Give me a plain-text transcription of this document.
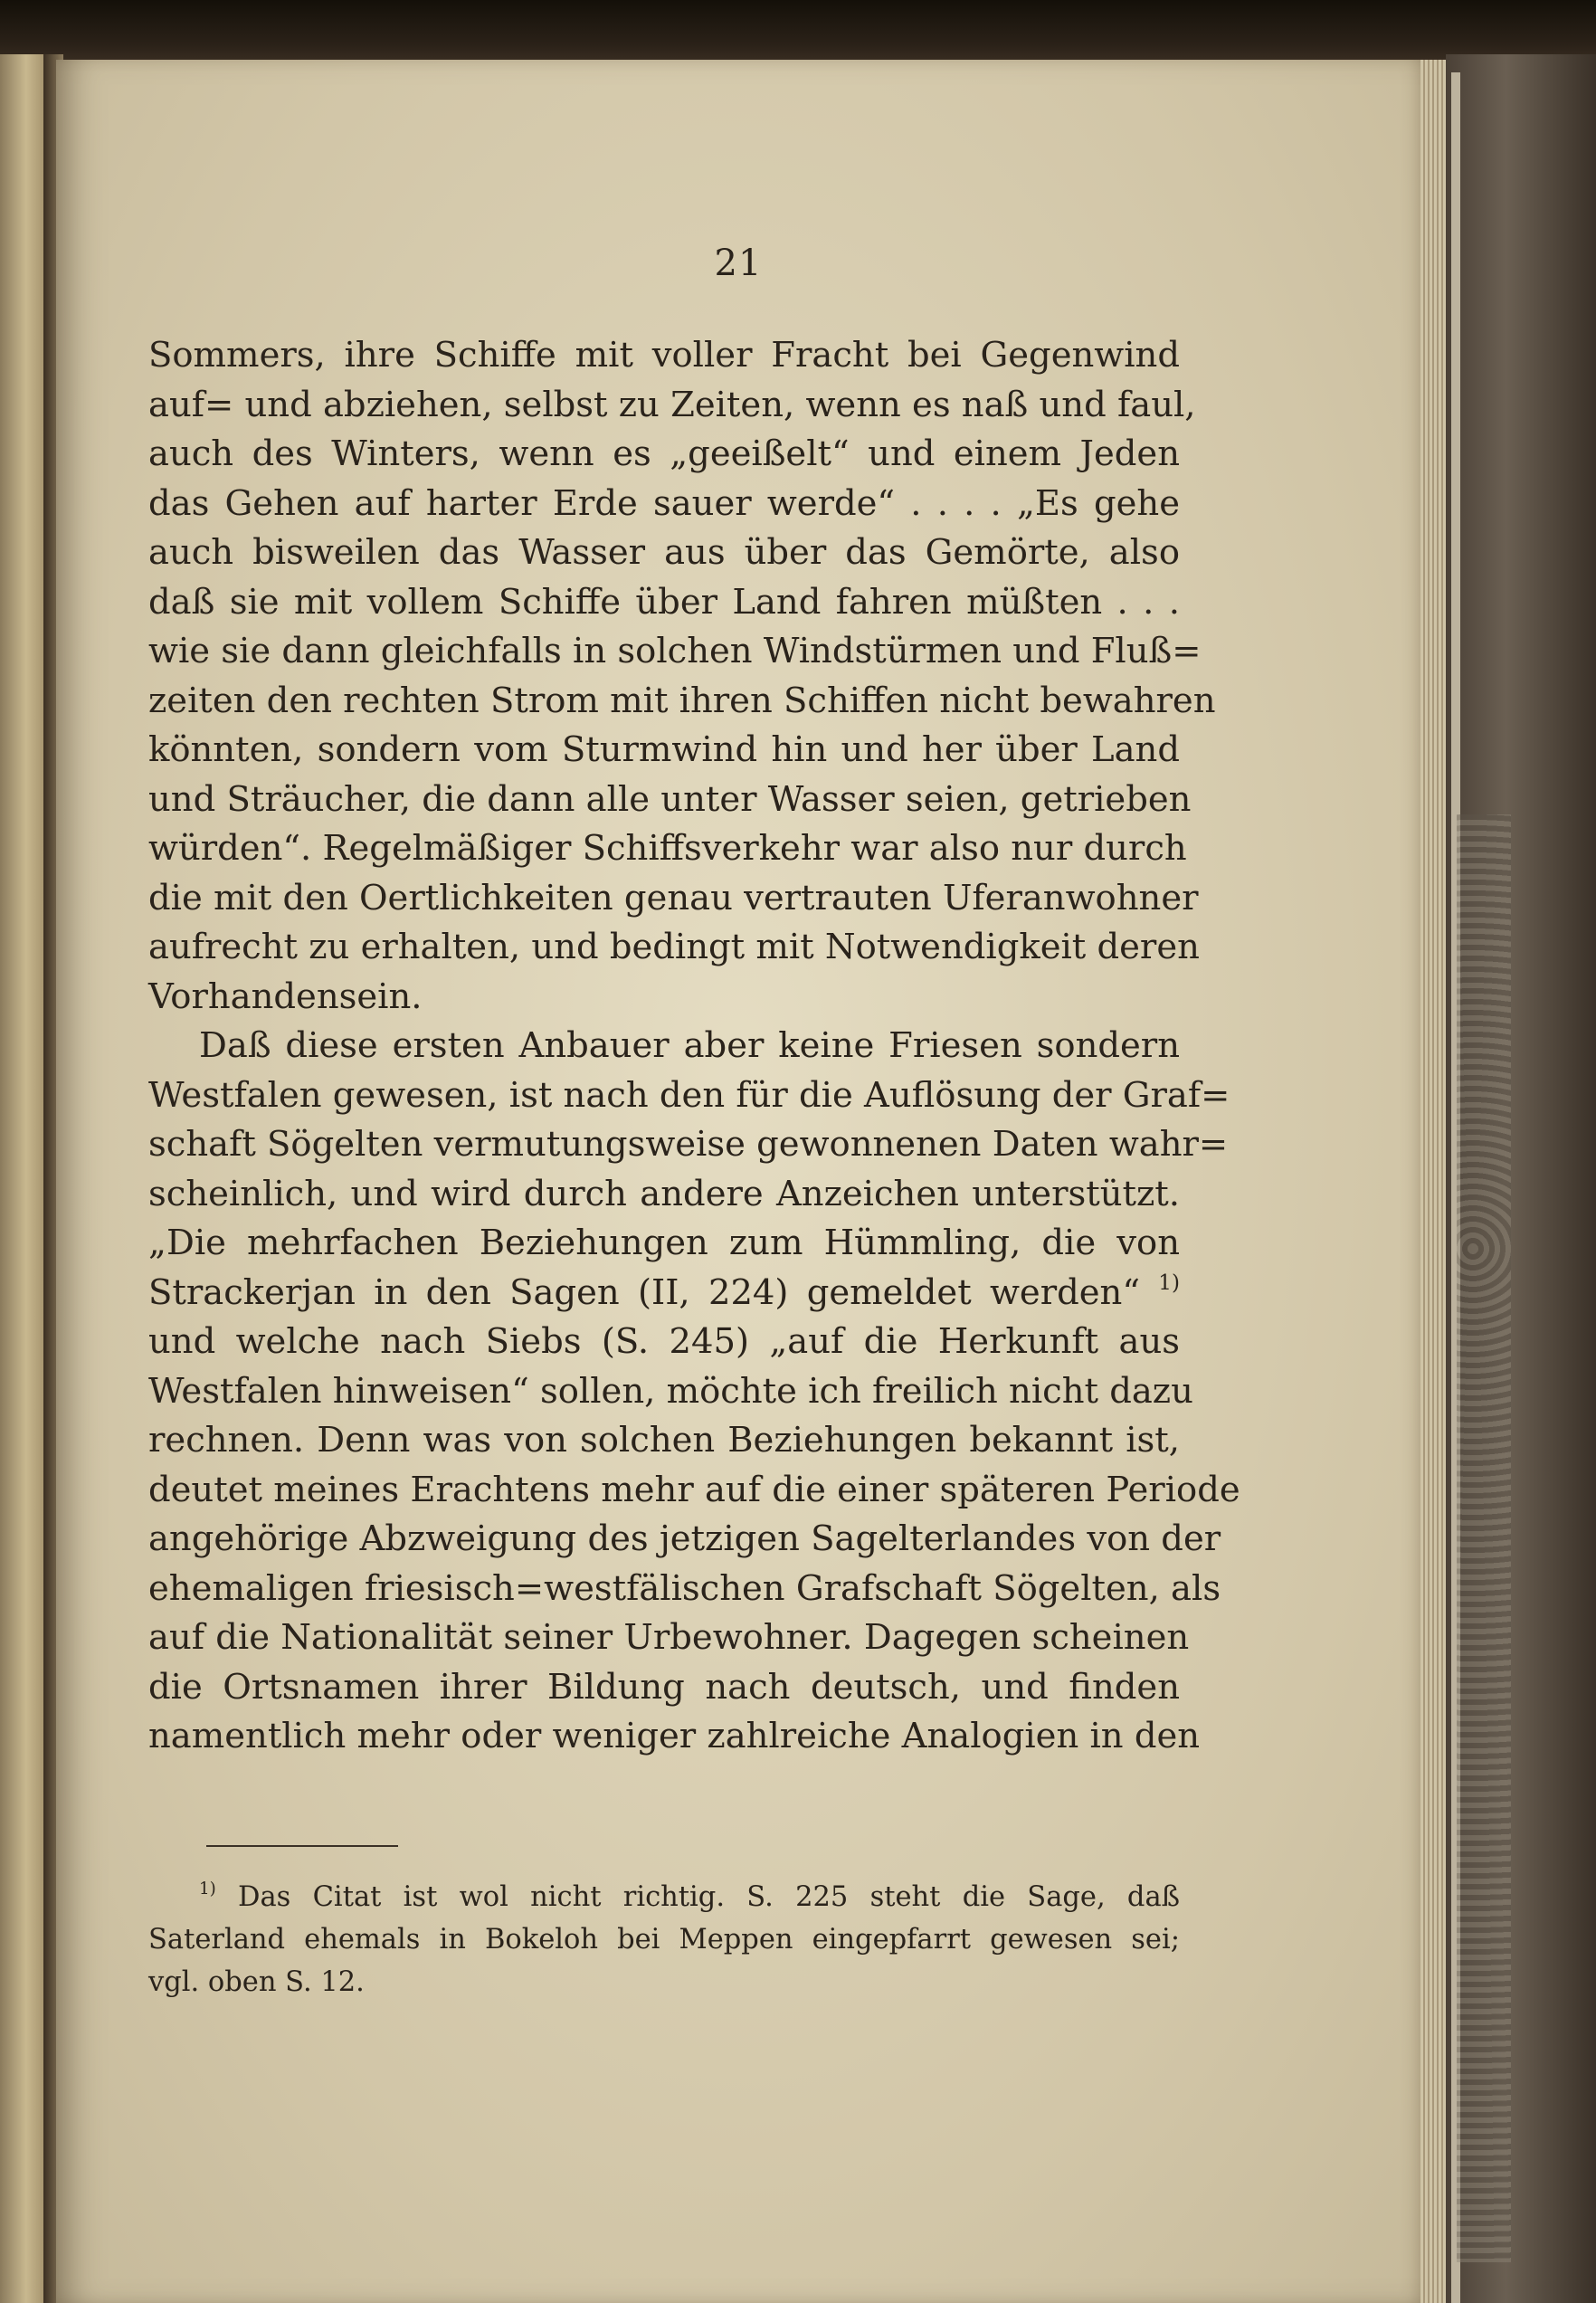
21
Sommers, ihre Schiffe mit voller Fracht bei Gegenwind
auf= und abziehen, selbst zu Zeiten, wenn es naß und faul,
auch des Winters, wenn es „geeißelt“ und einem Jeden
das Gehen auf harter Erde sauer werde“ . . . . „Es gehe
auch bisweilen das Wasser aus über das Gemörte, also
daß sie mit vollem Schiffe über Land fahren müßten . . .
wie sie dann gleichfalls in solchen Windstürmen und Fluß=
zeiten den rechten Strom mit ihren Schiffen nicht bewahren
könnten, sondern vom Sturmwind hin und her über Land
und Sträucher, die dann alle unter Wasser seien, getrieben
würden“. Regelmäßiger Schiffsverkehr war also nur durch
die mit den Oertlichkeiten genau vertrauten Uferanwohner
aufrecht zu erhalten, und bedingt mit Notwendigkeit deren
Vorhandensein.
Daß diese ersten Anbauer aber keine Friesen sondern
Westfalen gewesen, ist nach den für die Auflösung der Graf=
schaft Sögelten vermutungsweise gewonnenen Daten wahr=
scheinlich, und wird durch andere Anzeichen unterstützt.
„Die mehrfachen Beziehungen zum Hümmling, die von
Strackerjan in den Sagen (II, 224) gemeldet werden“ $^{1)}$
und welche nach Siebs (S. 245) „auf die Herkunft aus
Westfalen hinweisen“ sollen, möchte ich freilich nicht dazu
rechnen. Denn was von solchen Beziehungen bekannt ist,
deutet meines Erachtens mehr auf die einer späteren Periode
angehörige Abzweigung des jetzigen Sagelterlandes von der
ehemaligen friesisch=westfälischen Grafschaft Sögelten, als
auf die Nationalität seiner Urbewohner. Dagegen scheinen
die Ortsnamen ihrer Bildung nach deutsch, und finden
namentlich mehr oder weniger zahlreiche Analogien in den
$^{1)}$ Das Citat ist wol nicht richtig. S. 225 steht die Sage, daß
Saterland ehemals in Bokeloh bei Meppen eingepfarrt gewesen sei;
vgl. oben S. 12.
